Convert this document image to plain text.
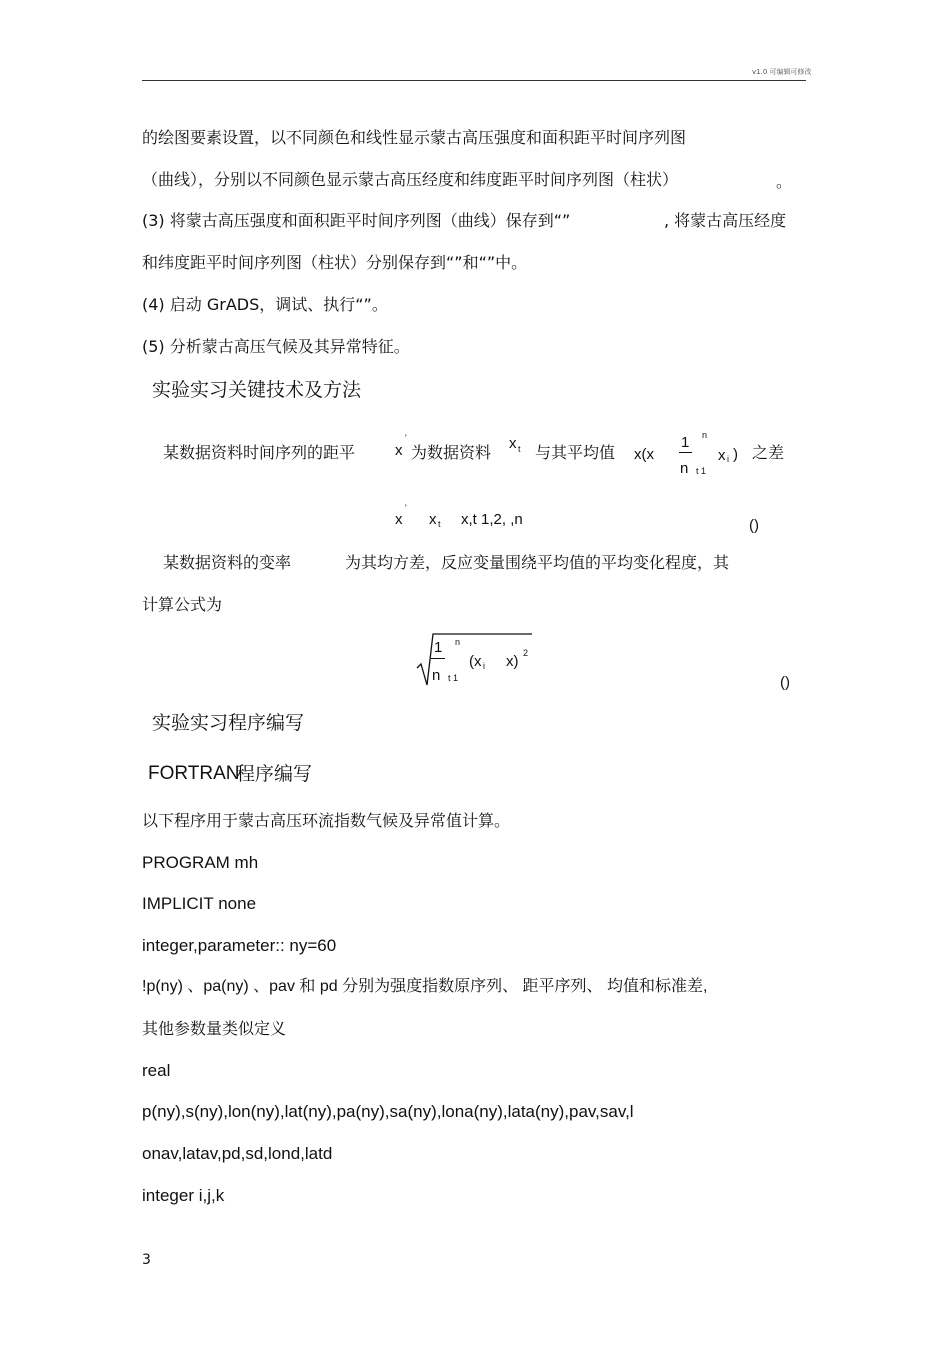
v1.0 可编辑可修改
的绘图要素设置，以不同颜色和线性显示蒙古高压强度和面积距平时间序列图
（曲线），分别以不同颜色显示蒙古高压经度和纬度距平时间序列图（柱状）	。
(3) 将蒙古高压强度和面积距平时间序列图（曲线）保存到“”	, 将蒙古高压经度
和纬度距平时间序列图（柱状）分别保存到“”和“”中。
(4) 启动 GrADS，调试、执行“”。
(5) 分析蒙古高压气候及其异常特征。
实验实习关键技术及方法
某数据资料时间序列的距平	x
'
为数据资料 x t 与其平均值 x(x
1
n
n
t 1
x i ) 之差
x
'
x t x,t 1,2, ,n	()
某数据资料的变率	为其均方差，反应变量围绕平均值的平均变化程度，其
计算公式为
1
n
n
t 1
(x i x) 2
()
实验实习程序编写
FORTRAN
程序编写
以下程序用于蒙古高压环流指数气候及异常值计算。
PROGRAM mh
IMPLICIT none
integer,parameter:: ny=60
!p(ny) 、pa(ny) 、pav 和 pd 分别为强度指数原序列、 距平序列、 均值和标准差,
其他参数量类似定义
real
p(ny),s(ny),lon(ny),lat(ny),pa(ny),sa(ny),lona(ny),lata(ny),pav,sav,l
onav,latav,pd,sd,lond,latd
integer i,j,k
3
